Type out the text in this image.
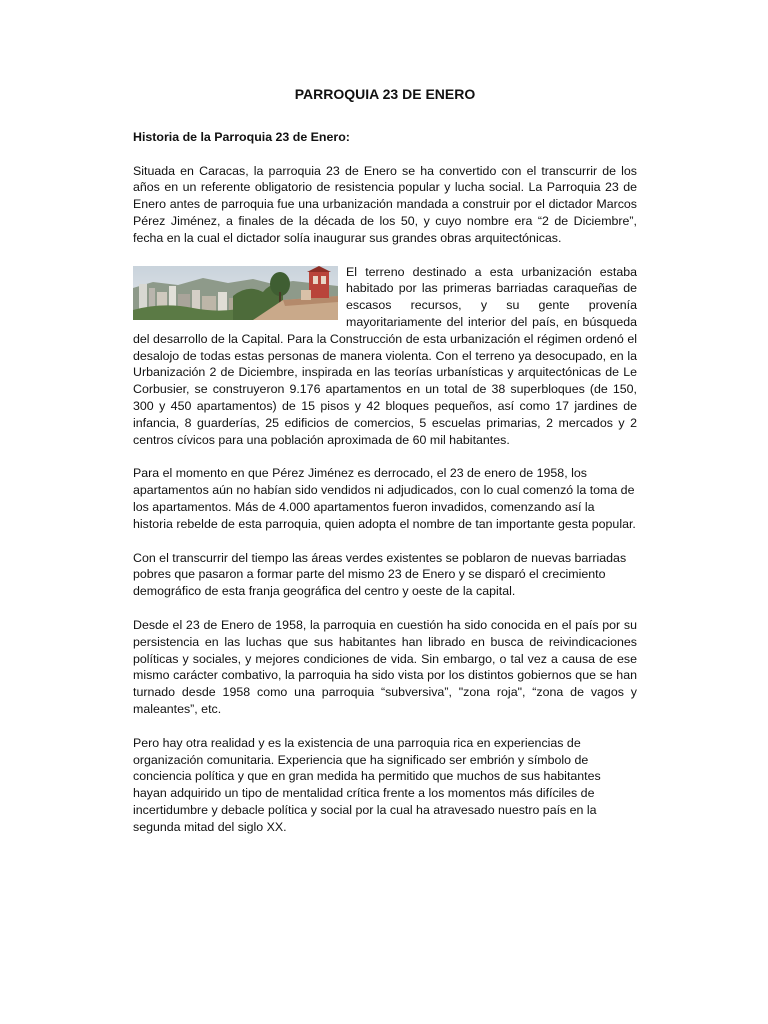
PARROQUIA 23 DE ENERO
Historia de la Parroquia 23 de Enero:

Situada en Caracas, la parroquia 23 de Enero se ha convertido con el transcurrir de los años en un referente obligatorio de resistencia popular y lucha social. La Parroquia 23 de Enero antes de parroquia fue una urbanización mandada a construir por el dictador Marcos Pérez Jiménez, a finales de la década de los 50, y cuyo nombre era “2 de Diciembre”, fecha en la cual el dictador solía inaugurar sus grandes obras arquitectónicas.

El terreno destinado a esta urbanización estaba habitado por las primeras barriadas caraqueñas de escasos recursos, y su gente provenía mayoritariamente del interior del país, en búsqueda del desarrollo de la Capital. Para la Construcción de esta urbanización el régimen ordenó el desalojo de todas estas personas de manera violenta. Con el terreno ya desocupado, en la Urbanización 2 de Diciembre, inspirada en las teorías urbanísticas y arquitectónicas de Le Corbusier, se construyeron 9.176 apartamentos en un total de 38 superbloques (de 150, 300 y 450 apartamentos) de 15 pisos y 42 bloques pequeños, así como 17 jardines de infancia, 8 guarderías, 25 edificios de comercios, 5 escuelas primarias, 2 mercados y 2 centros cívicos para una población aproximada de 60 mil habitantes.

Para el momento en que Pérez Jiménez es derrocado, el 23 de enero de 1958, los apartamentos aún no habían sido vendidos ni adjudicados, con lo cual comenzó la toma de los apartamentos. Más de 4.000 apartamentos fueron invadidos, comenzando así la historia rebelde de esta parroquia, quien adopta el nombre de tan importante gesta popular.

Con el transcurrir del tiempo las áreas verdes existentes se poblaron de nuevas barriadas pobres que pasaron a formar parte del mismo 23 de Enero y se disparó el crecimiento demográfico de esta franja geográfica del centro y oeste de la capital.

Desde el 23 de Enero de 1958, la parroquia en cuestión ha sido conocida en el país por su persistencia en las luchas que sus habitantes han librado en busca de reivindicaciones políticas y sociales, y mejores condiciones de vida. Sin embargo, o tal vez a causa de ese mismo carácter combativo, la parroquia ha sido vista por los distintos gobiernos que se han turnado desde 1958 como una parroquia “subversiva”, "zona roja", “zona de vagos y maleantes”, etc.

Pero hay otra realidad y es la existencia de una parroquia rica en experiencias de organización comunitaria. Experiencia que ha significado ser embrión y símbolo de conciencia política y que en gran medida ha permitido que muchos de sus habitantes hayan adquirido un tipo de mentalidad crítica frente a los momentos más difíciles de incertidumbre y debacle política y social por la cual ha atravesado nuestro país en la segunda mitad del siglo XX.
